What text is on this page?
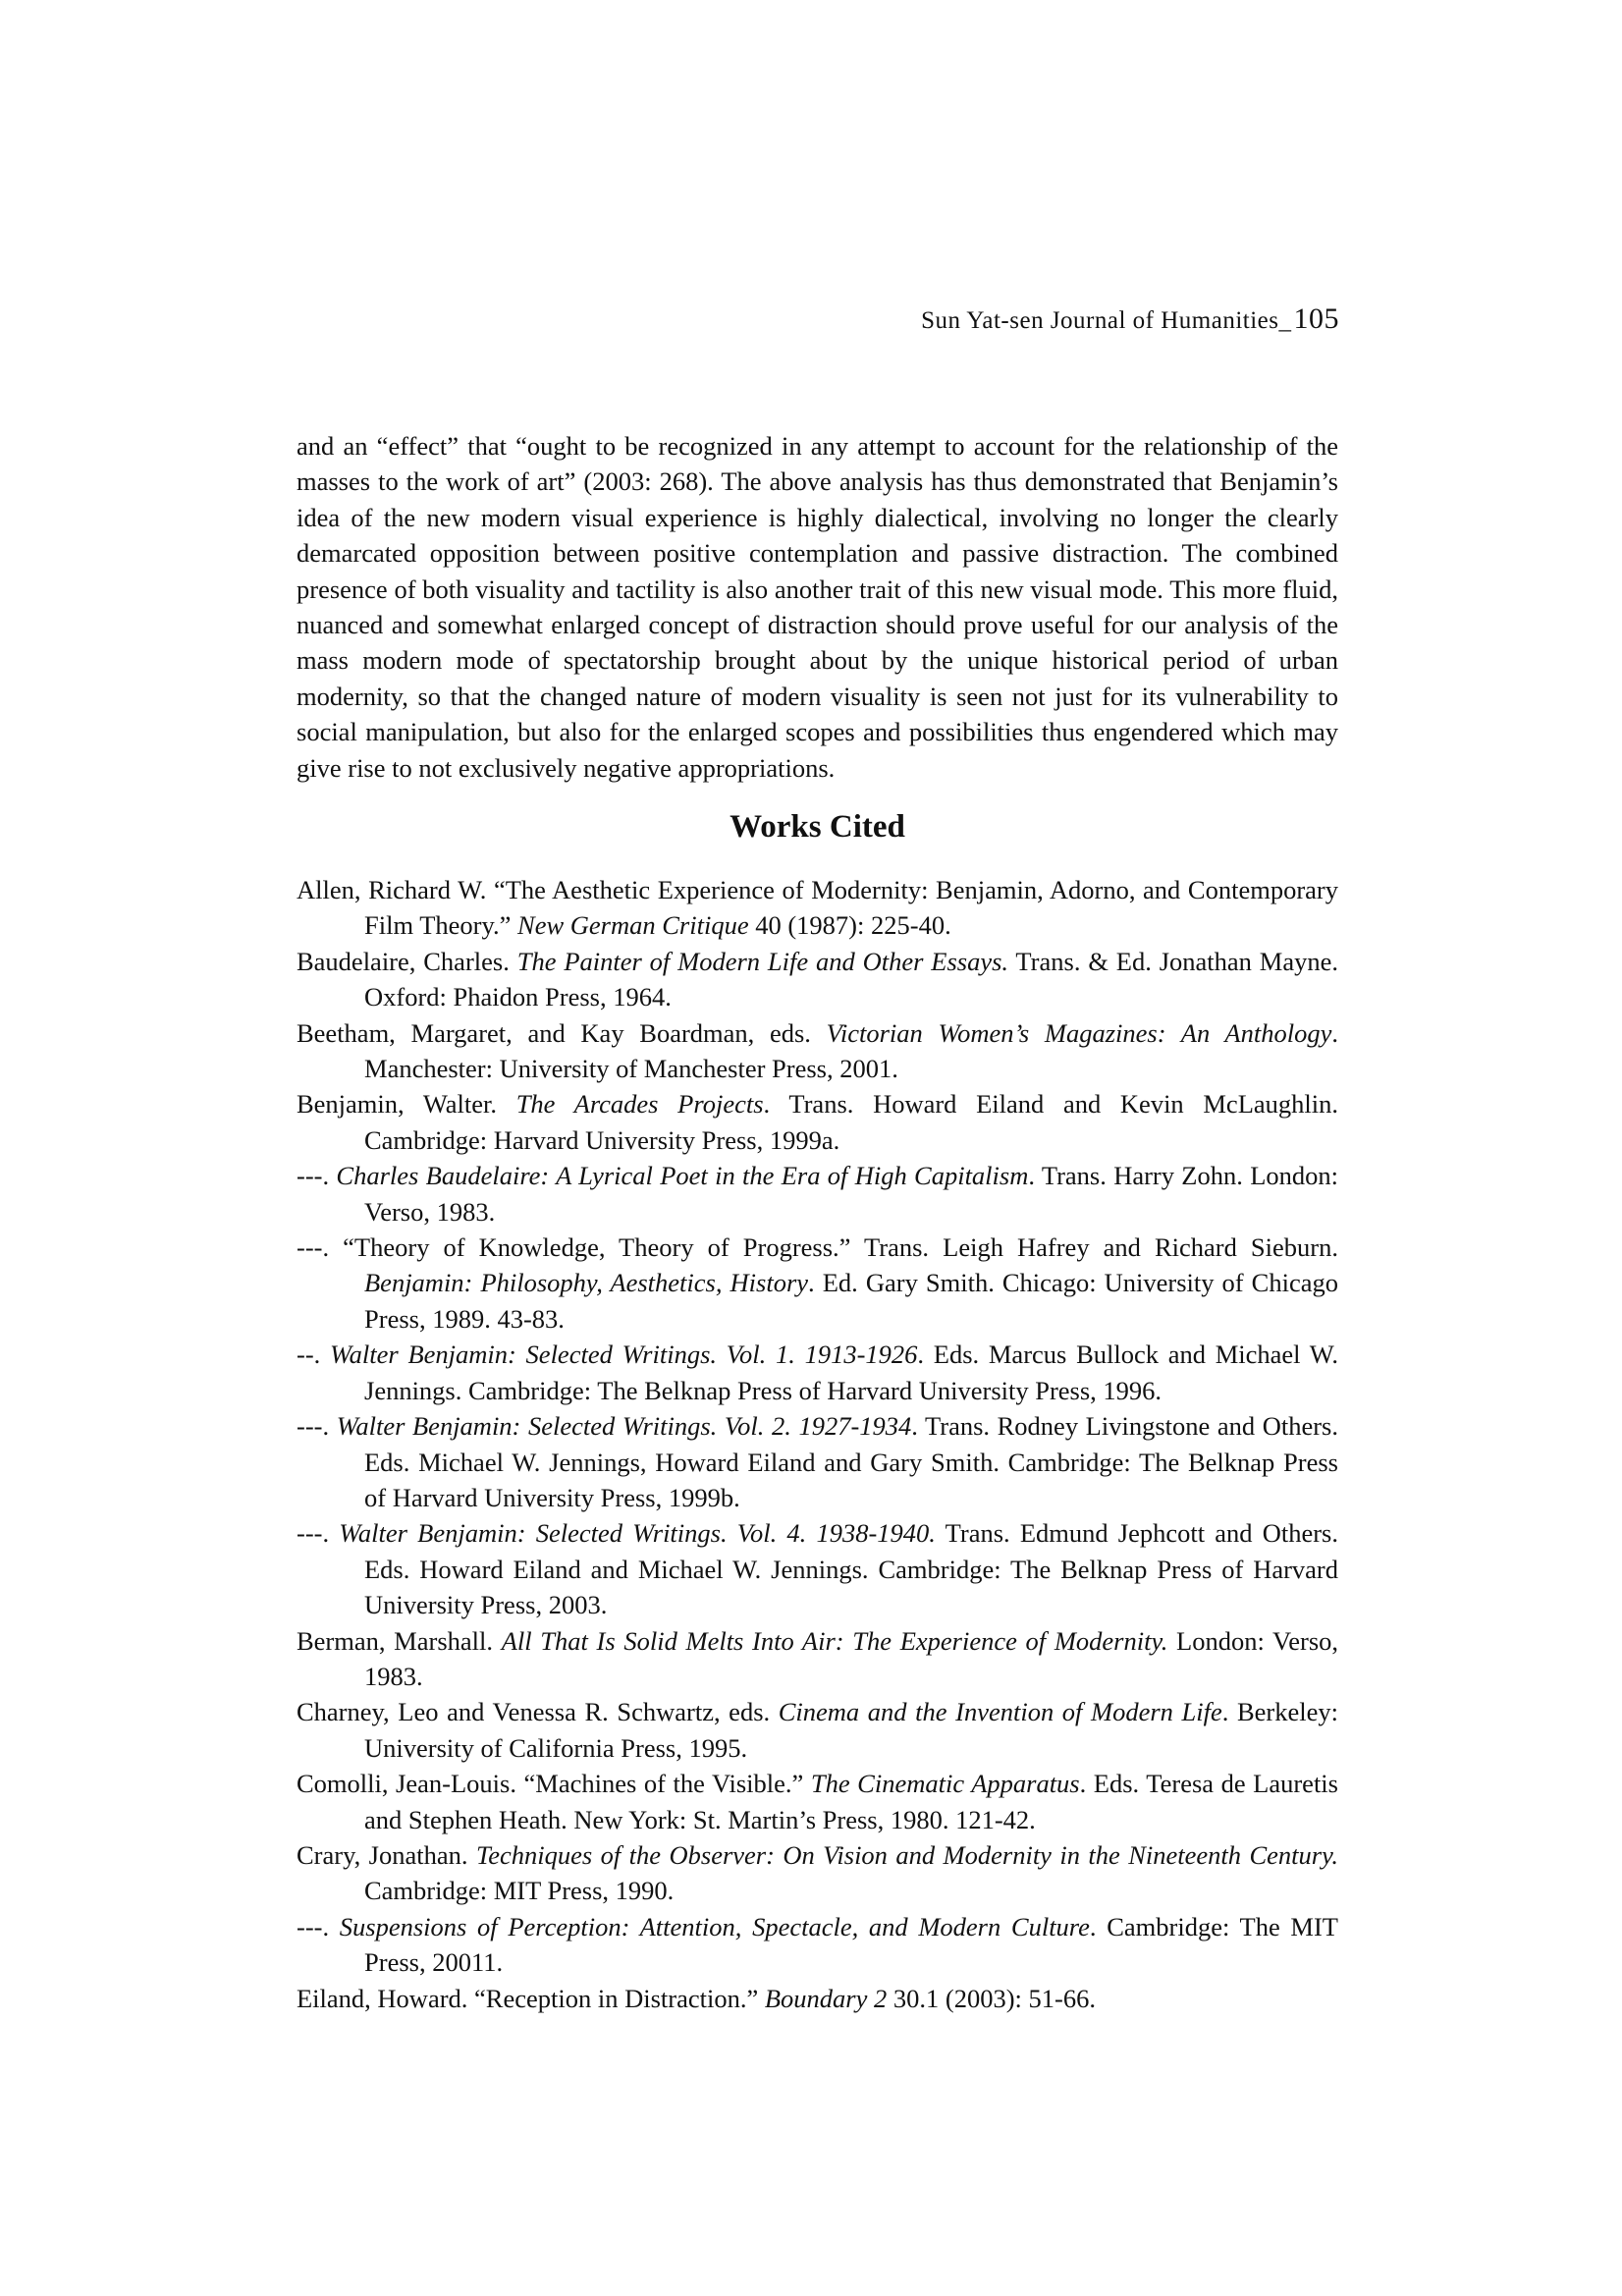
Sun Yat-sen Journal of Humanities_105

and an “effect” that “ought to be recognized in any attempt to account for the relationship of the masses to the work of art” (2003: 268). The above analysis has thus demonstrated that Benjamin’s idea of the new modern visual experience is highly dialectical, involving no longer the clearly demarcated opposition between positive contemplation and passive distraction. The combined presence of both visuality and tactility is also another trait of this new visual mode. This more fluid, nuanced and somewhat enlarged concept of distraction should prove useful for our analysis of the mass modern mode of spectatorship brought about by the unique historical period of urban modernity, so that the changed nature of modern visuality is seen not just for its vulnerability to social manipulation, but also for the enlarged scopes and possibilities thus engendered which may give rise to not exclusively negative appropriations.

Works Cited
Allen, Richard W. “The Aesthetic Experience of Modernity: Benjamin, Adorno, and Contemporary Film Theory.” New German Critique 40 (1987): 225-40.
Baudelaire, Charles. The Painter of Modern Life and Other Essays. Trans. & Ed. Jonathan Mayne. Oxford: Phaidon Press, 1964.
Beetham, Margaret, and Kay Boardman, eds. Victorian Women’s Magazines: An Anthology. Manchester: University of Manchester Press, 2001.
Benjamin, Walter. The Arcades Projects. Trans. Howard Eiland and Kevin McLaughlin. Cambridge: Harvard University Press, 1999a.
---. Charles Baudelaire: A Lyrical Poet in the Era of High Capitalism. Trans. Harry Zohn. London: Verso, 1983.
---. “Theory of Knowledge, Theory of Progress.” Trans. Leigh Hafrey and Richard Sieburn. Benjamin: Philosophy, Aesthetics, History. Ed. Gary Smith. Chicago: University of Chicago Press, 1989. 43-83.
--. Walter Benjamin: Selected Writings. Vol. 1. 1913-1926. Eds. Marcus Bullock and Michael W. Jennings. Cambridge: The Belknap Press of Harvard University Press, 1996.
---. Walter Benjamin: Selected Writings. Vol. 2. 1927-1934. Trans. Rodney Livingstone and Others. Eds. Michael W. Jennings, Howard Eiland and Gary Smith. Cambridge: The Belknap Press of Harvard University Press, 1999b.
---. Walter Benjamin: Selected Writings. Vol. 4. 1938-1940. Trans. Edmund Jephcott and Others. Eds. Howard Eiland and Michael W. Jennings. Cambridge: The Belknap Press of Harvard University Press, 2003.
Berman, Marshall. All That Is Solid Melts Into Air: The Experience of Modernity. London: Verso, 1983.
Charney, Leo and Venessa R. Schwartz, eds. Cinema and the Invention of Modern Life. Berkeley: University of California Press, 1995.
Comolli, Jean-Louis. “Machines of the Visible.” The Cinematic Apparatus. Eds. Teresa de Lauretis and Stephen Heath. New York: St. Martin’s Press, 1980. 121-42.
Crary, Jonathan. Techniques of the Observer: On Vision and Modernity in the Nineteenth Century. Cambridge: MIT Press, 1990.
---. Suspensions of Perception: Attention, Spectacle, and Modern Culture. Cambridge: The MIT Press, 20011.
Eiland, Howard. “Reception in Distraction.” Boundary 2 30.1 (2003): 51-66.
